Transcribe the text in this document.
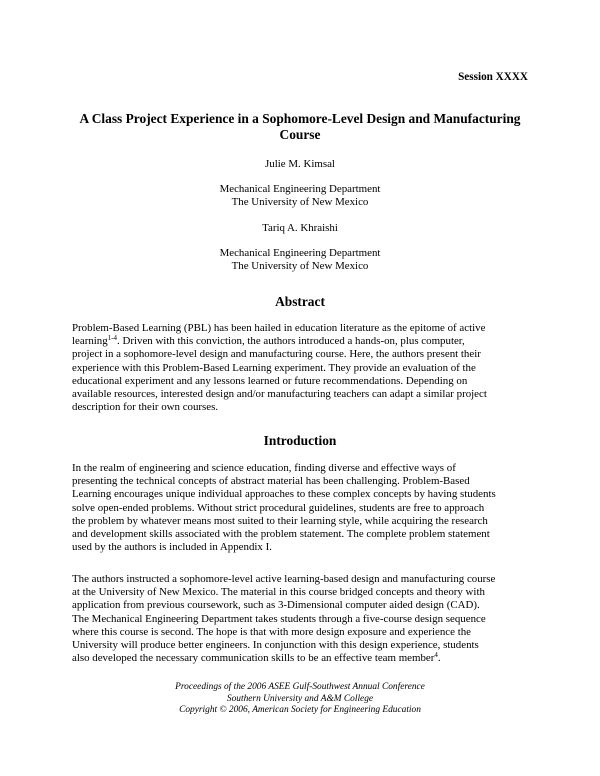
Session XXXX
A Class Project Experience in a Sophomore-Level Design and Manufacturing
Course
Julie M. Kimsal
Mechanical Engineering Department
The University of New Mexico
Tariq A. Khraishi
Mechanical Engineering Department
The University of New Mexico
Abstract
Problem-Based Learning (PBL) has been hailed in education literature as the epitome of active
learning$^{1-4}$. Driven with this conviction, the authors introduced a hands-on, plus computer,
project in a sophomore-level design and manufacturing course. Here, the authors present their
experience with this Problem-Based Learning experiment. They provide an evaluation of the
educational experiment and any lessons learned or future recommendations. Depending on
available resources, interested design and/or manufacturing teachers can adapt a similar project
description for their own courses.
Introduction
In the realm of engineering and science education, finding diverse and effective ways of
presenting the technical concepts of abstract material has been challenging. Problem-Based
Learning encourages unique individual approaches to these complex concepts by having students
solve open-ended problems. Without strict procedural guidelines, students are free to approach
the problem by whatever means most suited to their learning style, while acquiring the research
and development skills associated with the problem statement. The complete problem statement
used by the authors is included in Appendix I.
The authors instructed a sophomore-level active learning-based design and manufacturing course
at the University of New Mexico. The material in this course bridged concepts and theory with
application from previous coursework, such as 3-Dimensional computer aided design (CAD).
The Mechanical Engineering Department takes students through a five-course design sequence
where this course is second. The hope is that with more design exposure and experience the
University will produce better engineers. In conjunction with this design experience, students
also developed the necessary communication skills to be an effective team member$^4$.
Proceedings of the 2006 ASEE Gulf-Southwest Annual Conference
Southern University and A&M College
Copyright © 2006, American Society for Engineering Education
